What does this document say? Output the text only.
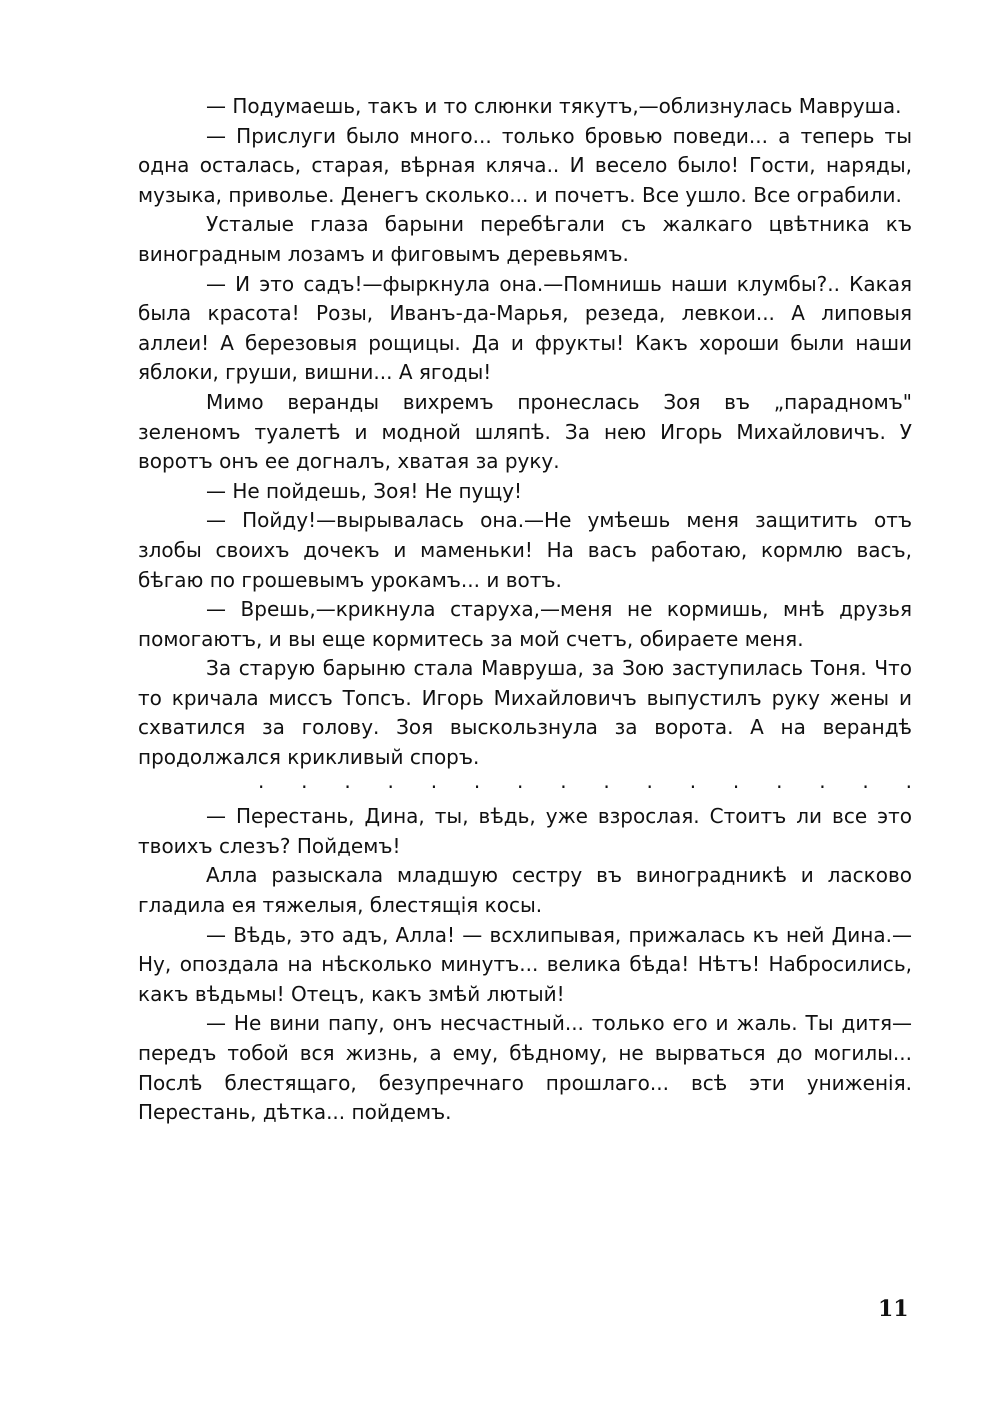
— Подумаешь, такъ и то слюнки тякутъ,—облизнулась Мавруша.

— Прислуги было много... только бровью поведи... а теперь ты одна осталась, старая, вѣрная кляча.. И весело было! Гости, наряды, музыка, приволье. Денегъ сколько... и почетъ. Все ушло. Все ограбили.

Усталые глаза барыни перебѣгали съ жалкаго цвѣтника къ виноградным лозамъ и фиговымъ деревьямъ.

— И это садъ!—фыркнула она.—Помнишь наши клумбы?.. Какая была красота! Розы, Иванъ-да-Марья, резеда, левкои... А липовыя аллеи! А березовыя рощицы. Да и фрукты! Какъ хороши были наши яблоки, груши, вишни... А ягоды!

Мимо веранды вихремъ пронеслась Зоя въ „парадномъ" зеленомъ туалетѣ и модной шляпѣ. За нею Игорь Михайловичъ. У воротъ онъ ее догналъ, хватая за руку.

— Не пойдешь, Зоя! Не пущу!

— Пойду!—вырывалась она.—Не умѣешь меня защитить отъ злобы своихъ дочекъ и маменьки! На васъ работаю, кормлю васъ, бѣгаю по грошевымъ урокамъ... и вотъ.

— Врешь,—крикнула старуха,—меня не кормишь, мнѣ друзья помогаютъ, и вы еще кормитесь за мой счетъ, обираете меня.

За старую барыню стала Мавруша, за Зою заступилась Тоня. Что то кричала миссъ Топсъ. Игорь Михайловичъ выпустилъ руку жены и схватился за голову. Зоя выскользнула за ворота. А на верандѣ продолжался крикливый споръ.

· · · · · · · · · · · · · · · ·

— Перестань, Дина, ты, вѣдь, уже взрослая. Стоитъ ли все это твоихъ слезъ? Пойдемъ!

Алла разыскала младшую сестру въ виноградникѣ и ласково гладила ея тяжелыя, блестящія косы.

— Вѣдь, это адъ, Алла! — всхлипывая, прижалась къ ней Дина.—Ну, опоздала на нѣсколько минутъ... велика бѣда! Нѣтъ! Набросились, какъ вѣдьмы! Отецъ, какъ змѣй лютый!

— Не вини папу, онъ несчастный... только его и жаль. Ты дитя—передъ тобой вся жизнь, а ему, бѣдному, не вырваться до могилы... Послѣ блестящаго, безупречнаго прошлаго... всѣ эти униженія. Перестань, дѣтка... пойдемъ.

11
